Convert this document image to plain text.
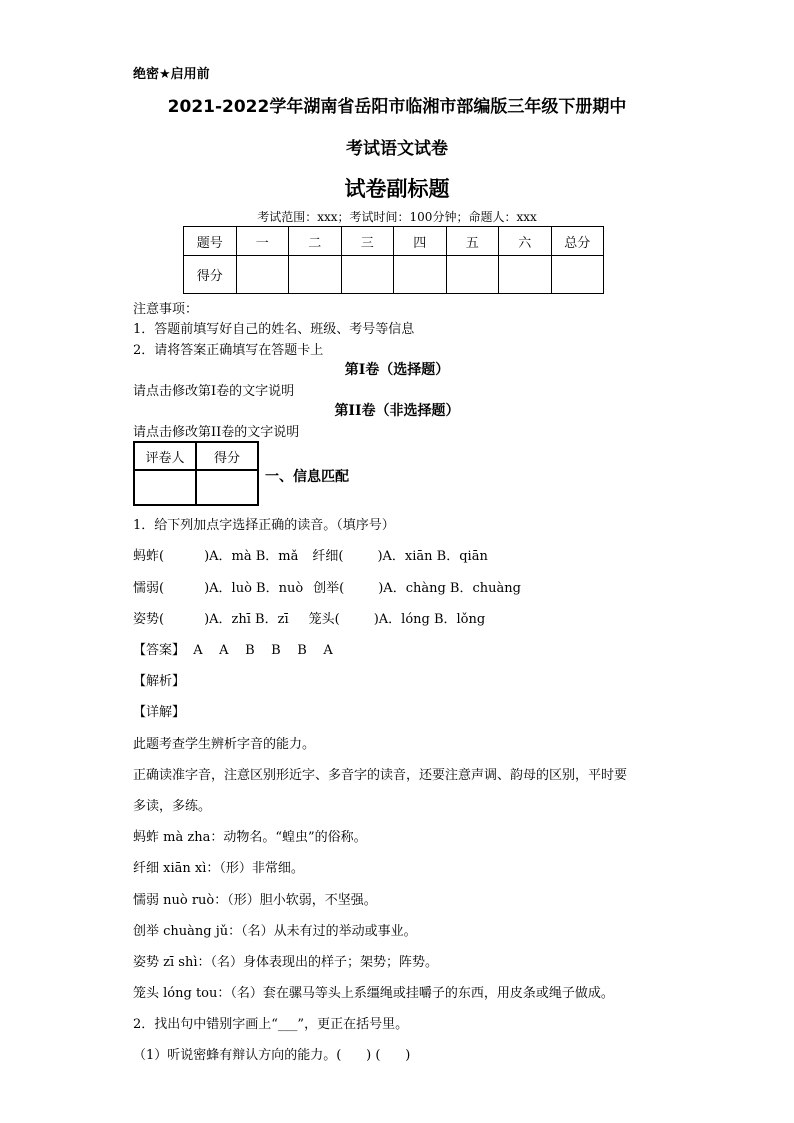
绝密★启用前
2021-2022学年湖南省岳阳市临湘市部编版三年级下册期中
考试语文试卷
试卷副标题
考试范围：xxx；考试时间：100分钟；命题人：xxx
题号	一	二	三	四	五	六	总分
得分							
注意事项：
1．答题前填写好自己的姓名、班级、考号等信息
2．请将答案正确填写在答题卡上
第I卷（选择题）
请点击修改第I卷的文字说明
第II卷（非选择题）
请点击修改第II卷的文字说明
评卷人	得分

一、信息匹配
1．给下列加点字选择正确的读音。（填序号）
蚂蚱(	)A．mà B．mǎ 纤细(	)A．xiān B．qiān
懦弱(	)A．luò B．nuò 创举(	)A．chàng B．chuàng
姿势(	)A．zhī B．zī 笼头(	)A．lóng B．lǒng
【答案】  A    A    B    B    B    A
【解析】
【详解】
此题考查学生辨析字音的能力。
正确读准字音，注意区别形近字、多音字的读音，还要注意声调、韵母的区别，平时要
多读，多练。
蚂蚱 mà zha：动物名。“蝗虫”的俗称。
纤细 xiān xì：（形）非常细。
懦弱 nuò ruò：（形）胆小软弱，不坚强。
创举 chuàng jǔ：（名）从未有过的举动或事业。
姿势 zī shì：（名）身体表现出的样子；架势；阵势。
笼头 lóng tou：（名）套在骡马等头上系缰绳或挂嚼子的东西，用皮条或绳子做成。
2．找出句中错别字画上“___”，更正在括号里。
（1）听说密蜂有辩认方向的能力。(      ) (      )
